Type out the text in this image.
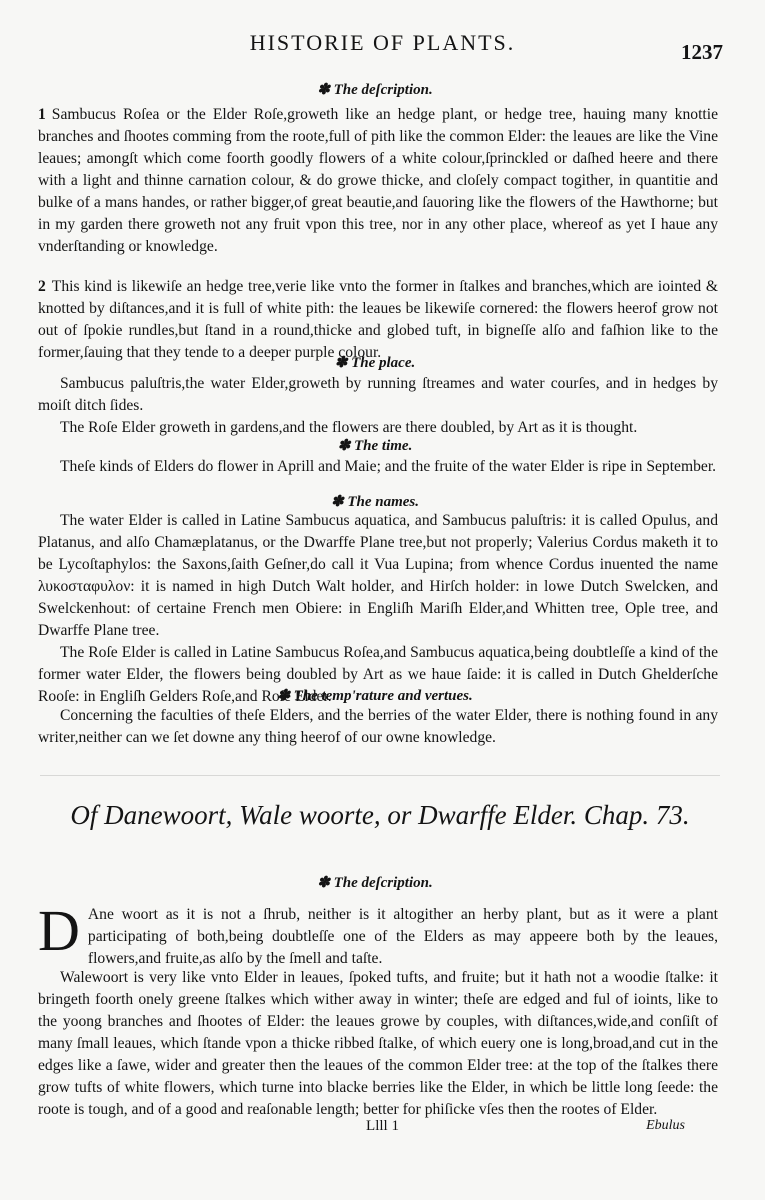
HISTORIE OF PLANTS.	1237
✽ The deſcription.

1 Sambucus Roſea or the Elder Roſe,groweth like an hedge plant, or hedge tree, hauing many knottie branches and ſhootes comming from the roote,full of pith like the common Elder: the leaues are like the Vine leaues; amongſt which come foorth goodly flowers of a white colour,ſprinckled or daſhed heere and there with a light and thinne carnation colour, & do growe thicke, and cloſely compact togither, in quantitie and bulke of a mans handes, or rather bigger,of great beautie,and ſauoring like the flowers of the Hawthorne; but in my garden there groweth not any fruit vpon this tree, nor in any other place, whereof as yet I haue any vnderſtanding or knowledge.

2 This kind is likewiſe an hedge tree,verie like vnto the former in ſtalkes and branches,which are iointed & knotted by diſtances,and it is full of white pith: the leaues be likewiſe cornered: the flowers heerof grow not out of ſpokie rundles,but ſtand in a round,thicke and globed tuft, in bigneſſe alſo and faſhion like to the former,ſauing that they tende to a deeper purple colour.

✽ The place.

Sambucus paluſtris,the water Elder,groweth by running ſtreames and water courſes, and in hedges by moiſt ditch ſides.

The Roſe Elder groweth in gardens,and the flowers are there doubled, by Art as it is thought.

✽ The time.

Theſe kinds of Elders do flower in Aprill and Maie; and the fruite of the water Elder is ripe in September.

✽ The names.

The water Elder is called in Latine Sambucus aquatica, and Sambucus paluſtris: it is called Opulus, and Platanus, and alſo Chamæplatanus, or the Dwarffe Plane tree,but not properly; Valerius Cordus maketh it to be Lycoſtaphylos: the Saxons,ſaith Geſner,do call it Vua Lupina; from whence Cordus inuented the name λυκοσταφυλον: it is named in high Dutch Walt holder, and Hirſch holder: in lowe Dutch Swelcken, and Swelckenhout: of certaine French men Obiere: in Engliſh Mariſh Elder,and Whitten tree, Ople tree, and Dwarffe Plane tree.

The Roſe Elder is called in Latine Sambucus Roſea,and Sambucus aquatica,being doubtleſſe a kind of the former water Elder, the flowers being doubled by Art as we haue ſaide: it is called in Dutch Ghelderſche Rooſe: in Engliſh Gelders Roſe,and Roſe Elder.

✽ The temp'rature and vertues.

Concerning the faculties of theſe Elders, and the berries of the water Elder, there is nothing found in any writer,neither can we ſet downe any thing heerof of our owne knowledge.

Of Danewoort, Wale woorte, or Dwarffe Elder. Chap. 73.
✽ The deſcription.

D Ane woort as it is not a ſhrub, neither is it altogither an herby plant, but as it were a plant participating of both,being doubtleſſe one of the Elders as may appeere both by the leaues, flowers,and fruite,as alſo by the ſmell and taſte.

Walewoort is very like vnto Elder in leaues, ſpoked tufts, and fruite; but it hath not a woodie ſtalke: it bringeth foorth onely greene ſtalkes which wither away in winter; theſe are edged and ful of ioints, like to the yoong branches and ſhootes of Elder: the leaues growe by couples, with diſtances,wide,and conſiſt of many ſmall leaues, which ſtande vpon a thicke ribbed ſtalke, of which euery one is long,broad,and cut in the edges like a ſawe, wider and greater then the leaues of the common Elder tree: at the top of the ſtalkes there grow tufts of white flowers, which turne into blacke berries like the Elder, in which be little long ſeede: the roote is tough, and of a good and reaſonable length; better for phiſicke vſes then the rootes of Elder.

Llll 1	Ebulus
